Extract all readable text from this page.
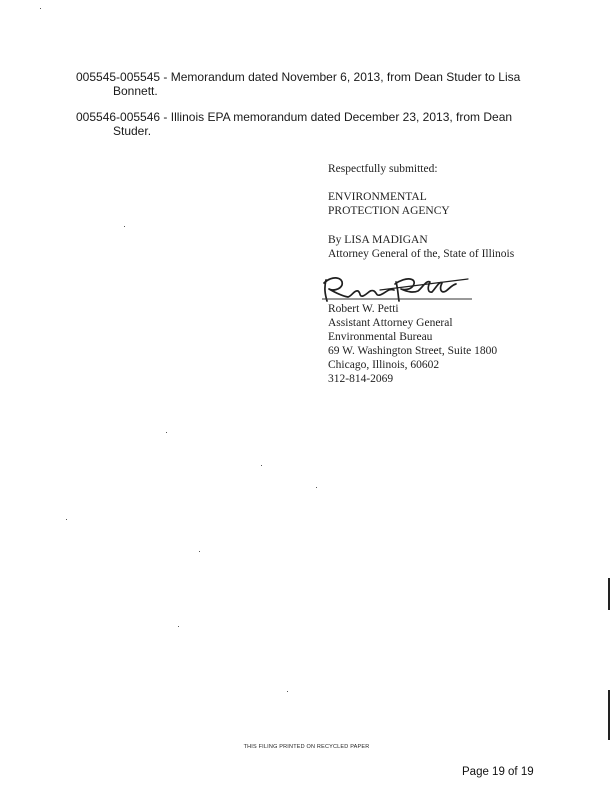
005545-005545 - Memorandum dated November 6, 2013, from Dean Studer to Lisa
Bonnett.
005546-005546 - Illinois EPA memorandum dated December 23, 2013, from Dean
Studer.
Respectfully submitted:
ENVIRONMENTAL
PROTECTION AGENCY
By LISA MADIGAN
Attorney General of the, State of Illinois
Robert W. Petti
Assistant Attorney General
Environmental Bureau
69 W. Washington Street, Suite 1800
Chicago, Illinois, 60602
312-814-2069
THIS FILING PRINTED ON RECYCLED PAPER
Page 19 of 19
